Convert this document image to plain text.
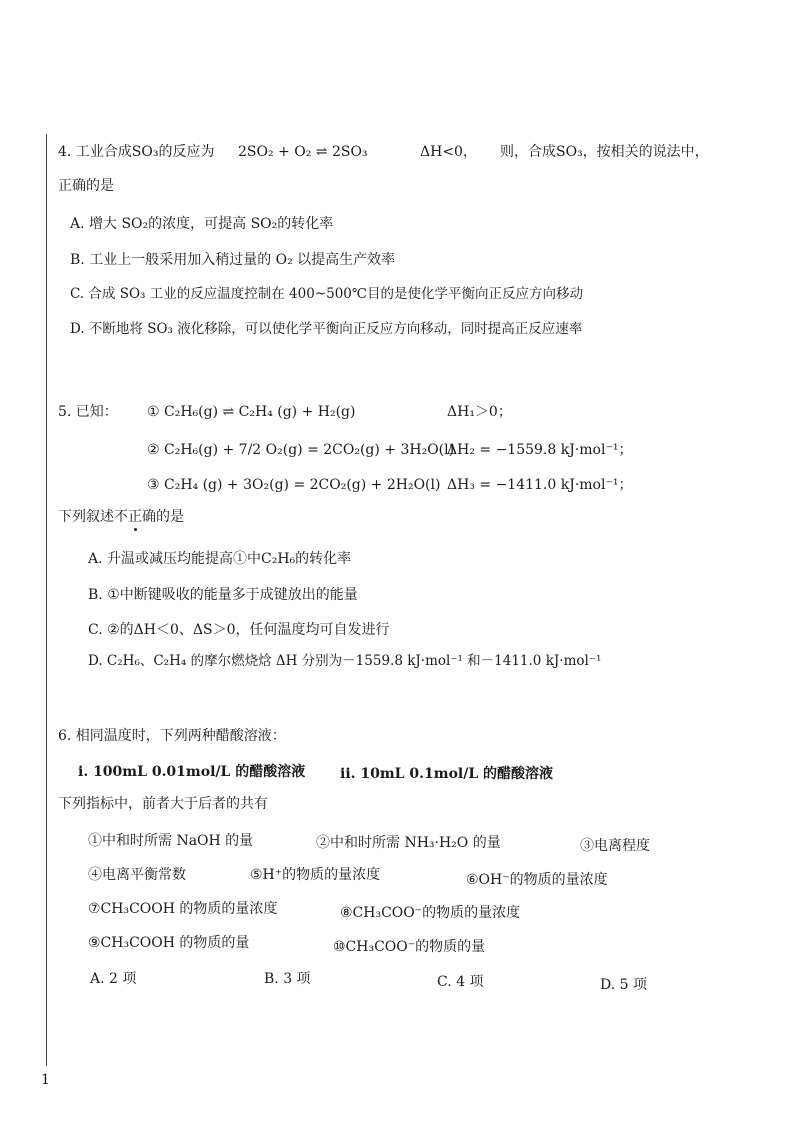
4. 工业合成SO₃的反应为 2SO₂ + O₂ ⇌ 2SO₃	ΔH<0， 则，合成SO₃，按相关的说法中，
正确的是
A. 增大 SO₂的浓度，可提高 SO₂的转化率
B. 工业上一般采用加入稍过量的 O₂ 以提高生产效率
C. 合成 SO₃ 工业的反应温度控制在 400~500℃目的是使化学平衡向正反应方向移动
D. 不断地将 SO₃ 液化移除，可以使化学平衡向正反应方向移动，同时提高正反应速率
5. 已知： ① C₂H₆(g) ⇌ C₂H₄ (g) + H₂(g)	ΔH₁＞0；
② C₂H₆(g) + 7/2 O₂(g) = 2CO₂(g) + 3H₂O(l)
ΔH₂ = −1559.8 kJ·mol⁻¹；
③ C₂H₄ (g) + 3O₂(g) = 2CO₂(g) + 2H₂O(l) ΔH₃ = −1411.0 kJ·mol⁻¹；
下列叙述不正确的是
A. 升温或减压均能提高①中C₂H₆的转化率
B. ①中断键吸收的能量多于成键放出的能量
C. ②的ΔH＜0、ΔS＞0，任何温度均可自发进行
D. C₂H₆、C₂H₄ 的摩尔燃烧焓 ΔH 分别为－1559.8 kJ·mol⁻¹ 和－1411.0 kJ·mol⁻¹
6. 相同温度时，下列两种醋酸溶液：
i. 100mL 0.01mol/L 的醋酸溶液 ii. 10mL 0.1mol/L 的醋酸溶液
下列指标中，前者大于后者的共有
①中和时所需 NaOH 的量	②中和时所需 NH₃·H₂O 的量	③电离程度
④电离平衡常数	⑤H⁺的物质的量浓度	⑥OH⁻的物质的量浓度
⑦CH₃COOH 的物质的量浓度	⑧CH₃COO⁻的物质的量浓度
⑨CH₃COOH 的物质的量	⑩CH₃COO⁻的物质的量
A. 2 项	B. 3 项	C. 4 项	D. 5 项
1
